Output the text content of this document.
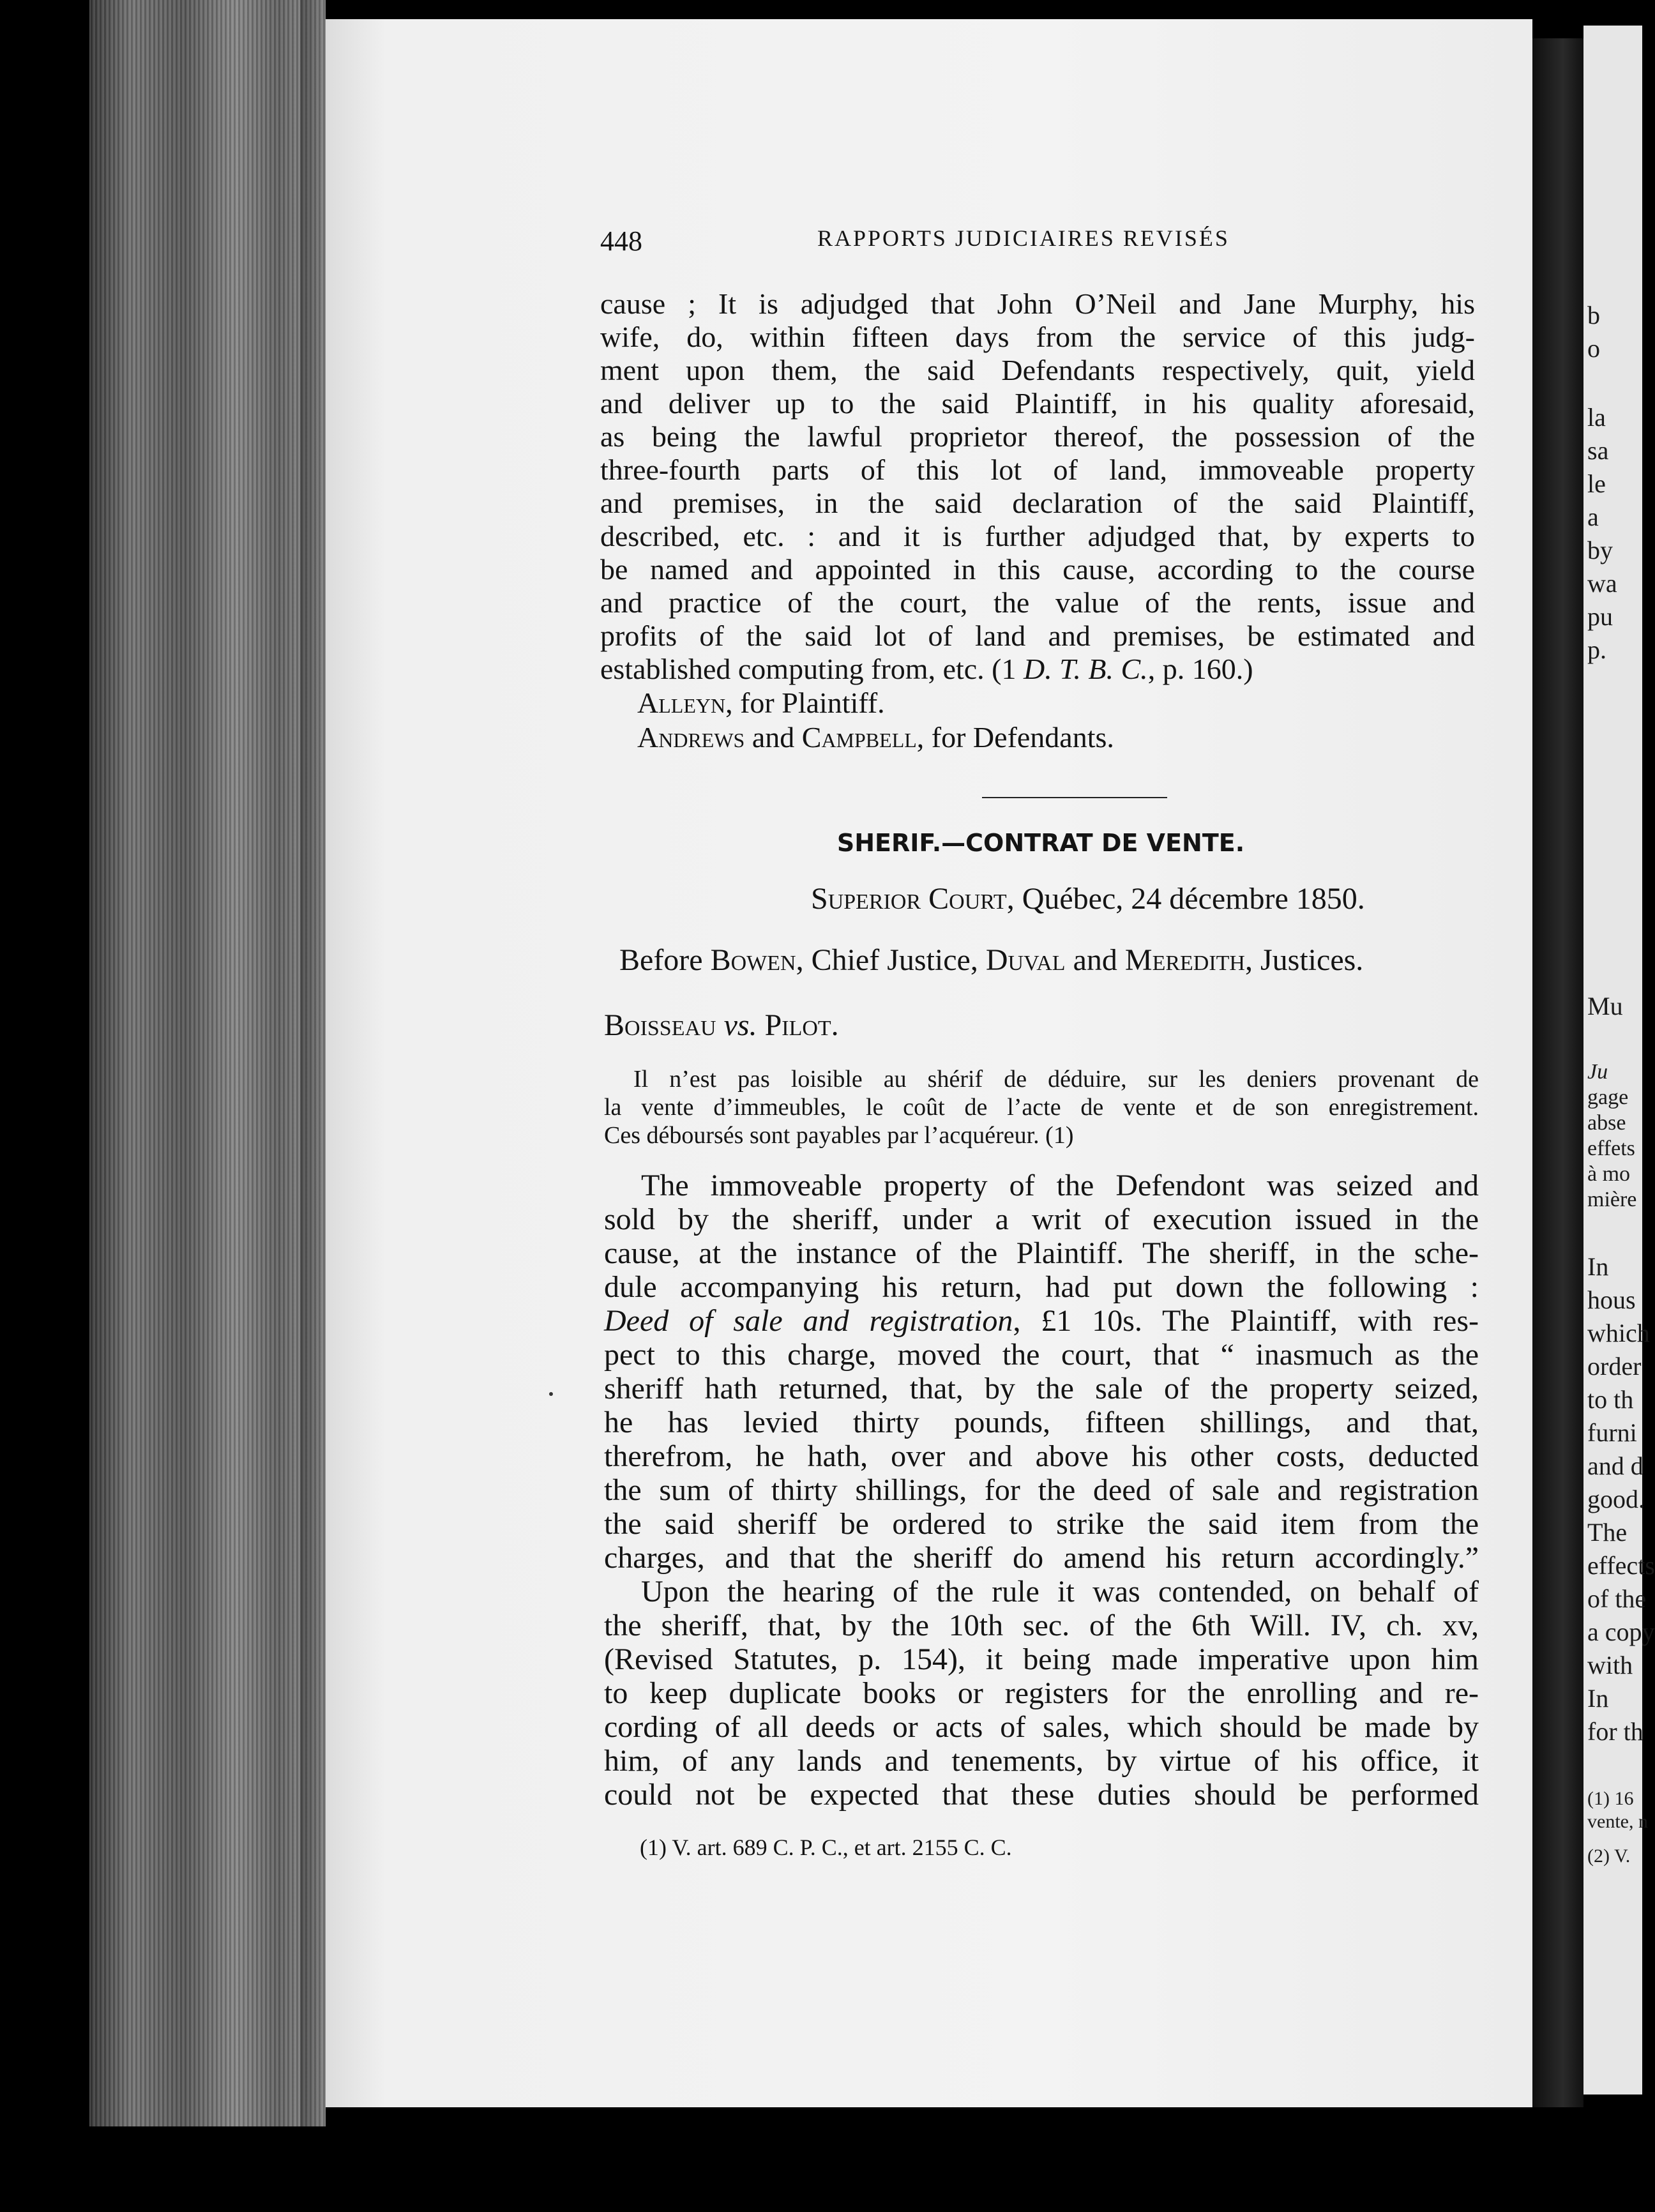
b
o
la
sa
le
a
by
wa
pu
p.
Mu
Ju
gage
abse
effets
à mo
mière
In
hous
which
order
to th
furni
and d
good.
The
effects
of the
a copy
with
In
for th
(1) 16
vente, n
(2) V.
448	RAPPORTS JUDICIAIRES REVISÉS
cause ; It is adjudged that John O’Neil and Jane Murphy, his
wife, do, within fifteen days from the service of this judg-
ment upon them, the said Defendants respectively, quit, yield
and deliver up to the said Plaintiff, in his quality aforesaid,
as being the lawful proprietor thereof, the possession of the
three-fourth parts of this lot of land, immoveable property
and premises, in the said declaration of the said Plaintiff,
described, etc. : and it is further adjudged that, by experts to
be named and appointed in this cause, according to the course
and practice of the court, the value of the rents, issue and
profits of the said lot of land and premises, be estimated and
established computing from, etc. (1 D. T. B. C., p. 160.)
Alleyn, for Plaintiff.
Andrews and Campbell, for Defendants.
SHERIF.—CONTRAT DE VENTE.
Superior Court, Québec, 24 décembre 1850.
Before Bowen, Chief Justice, Duval and Meredith, Justices.
Boisseau vs. Pilot.
Il n’est pas loisible au shérif de déduire, sur les deniers provenant de
la vente d’immeubles, le coût de l’acte de vente et de son enregistrement.
Ces déboursés sont payables par l’acquéreur. (1)
The immoveable property of the Defendont was seized and
sold by the sheriff, under a writ of execution issued in the
cause, at the instance of the Plaintiff. The sheriff, in the sche-
dule accompanying his return, had put down the following :
Deed of sale and registration, £1 10s. The Plaintiff, with res-
pect to this charge, moved the court, that “ inasmuch as the
sheriff hath returned, that, by the sale of the property seized,
he has levied thirty pounds, fifteen shillings, and that,
therefrom, he hath, over and above his other costs, deducted
the sum of thirty shillings, for the deed of sale and registration
the said sheriff be ordered to strike the said item from the
charges, and that the sheriff do amend his return accordingly.”
Upon the hearing of the rule it was contended, on behalf of
the sheriff, that, by the 10th sec. of the 6th Will. IV, ch. xv,
(Revised Statutes, p. 154), it being made imperative upon him
to keep duplicate books or registers for the enrolling and re-
cording of all deeds or acts of sales, which should be made by
him, of any lands and tenements, by virtue of his office, it
could not be expected that these duties should be performed
(1) V. art. 689 C. P. C., et art. 2155 C. C.
